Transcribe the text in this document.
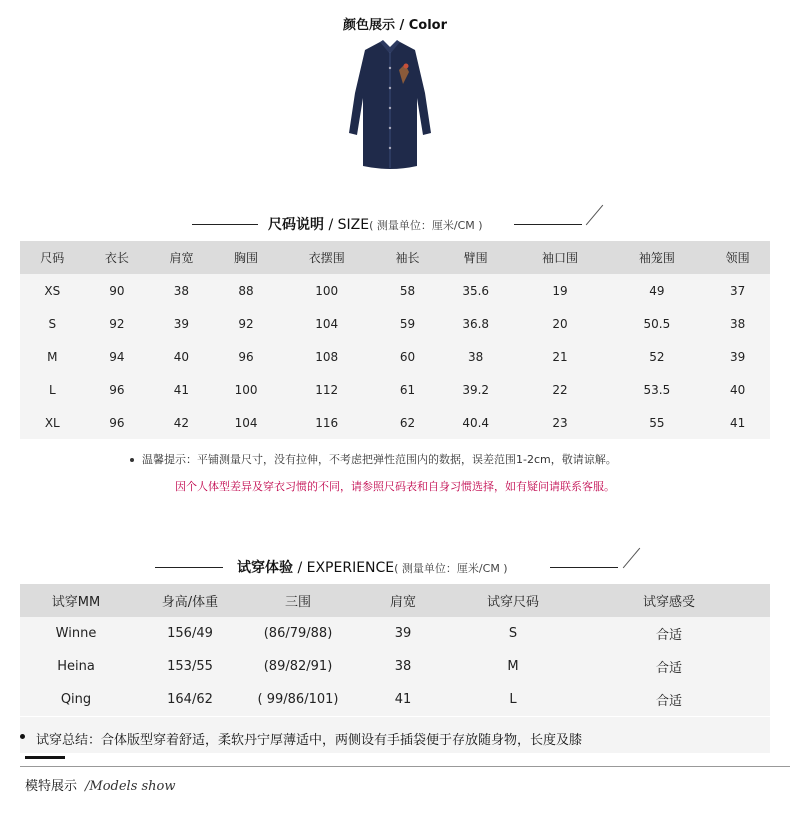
颜色展示 / Color
尺码说明 / SIZE( 测量单位：厘米/CM )
尺码	衣长	肩宽	胸围	衣摆围	袖长	臂围	袖口围	袖笼围	领围
XS	90	38	88	100	58	35.6	19	49	37
S	92	39	92	104	59	36.8	20	50.5	38
M	94	40	96	108	60	38	21	52	39
L	96	41	100	112	61	39.2	22	53.5	40
XL	96	42	104	116	62	40.4	23	55	41
温馨提示：平铺测量尺寸，没有拉伸，不考虑把弹性范围内的数据，误差范围1-2cm，敬请谅解。
因个人体型差异及穿衣习惯的不同，请参照尺码表和自身习惯选择，如有疑问请联系客服。
试穿体验 / EXPERIENCE( 测量单位：厘米/CM )
试穿MM	身高/体重	三围	肩宽	试穿尺码	试穿感受
Winne	156/49	(86/79/88)	39	S	合适
Heina	153/55	(89/82/91)	38	M	合适
Qing	164/62	( 99/86/101)	41	L	合适
试穿总结：合体版型穿着舒适，柔软丹宁厚薄适中，两侧设有手插袋便于存放随身物，长度及膝
模特展示 /Models show
